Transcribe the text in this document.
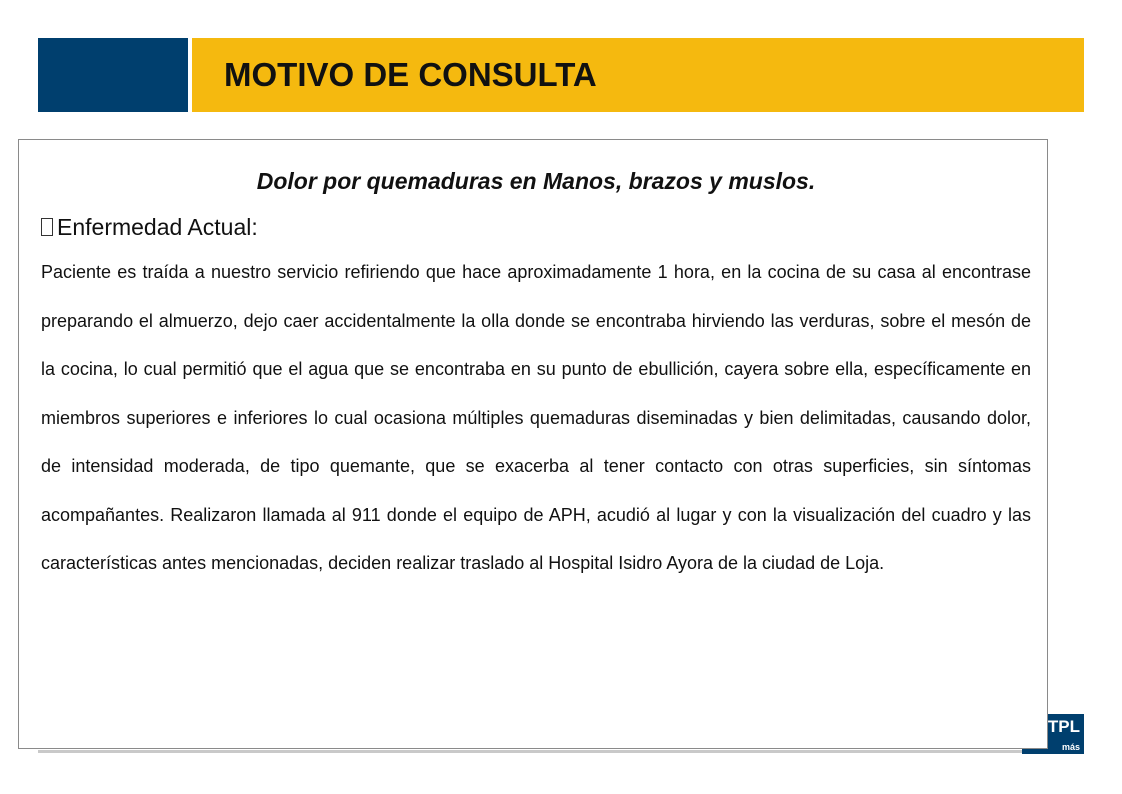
MOTIVO DE CONSULTA
TPL
más

Dolor por quemaduras en Manos, brazos y muslos.

Enfermedad Actual:

Paciente es traída a nuestro servicio refiriendo que hace aproximadamente 1 hora, en la cocina de su casa al encontrase preparando el almuerzo, dejo caer accidentalmente la olla donde se encontraba hirviendo las verduras, sobre el mesón de la cocina, lo cual permitió que el agua que se encontraba en su punto de ebullición, cayera sobre ella, específicamente en miembros superiores e inferiores lo cual ocasiona múltiples quemaduras diseminadas y bien delimitadas, causando dolor, de intensidad moderada, de tipo quemante, que se exacerba al tener contacto con otras superficies, sin síntomas acompañantes. Realizaron llamada al 911 donde el equipo de APH, acudió al lugar y con la visualización del cuadro y las características antes mencionadas, deciden realizar traslado al Hospital Isidro Ayora de la ciudad de Loja.
